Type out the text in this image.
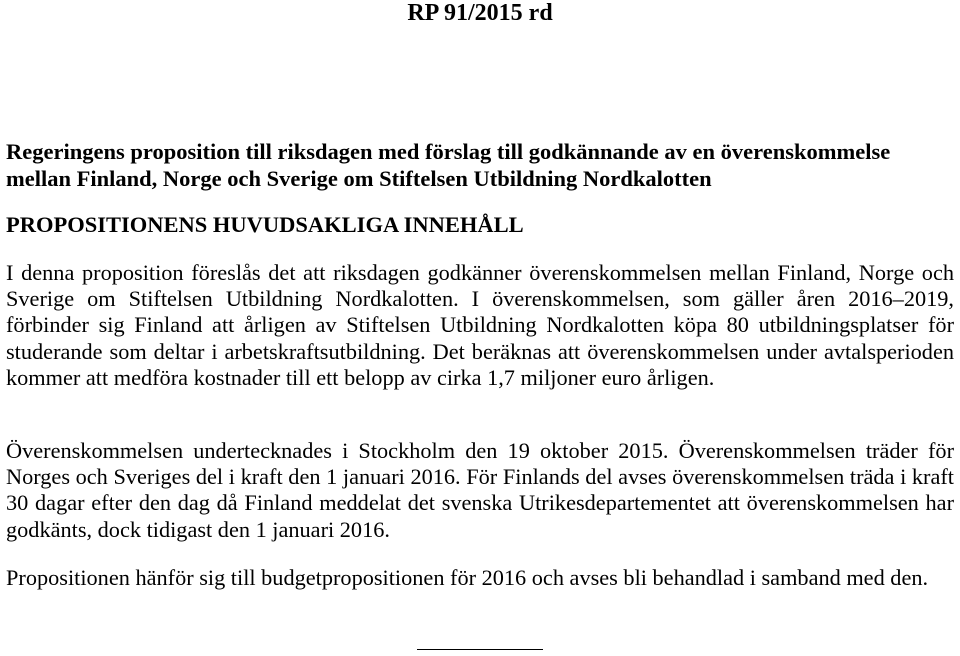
RP 91/2015 rd

Regeringens proposition till riksdagen med förslag till godkännande av en överenskommelse mellan Finland, Norge och Sverige om Stiftelsen Utbildning Nordkalotten

PROPOSITIONENS HUVUDSAKLIGA INNEHÅLL

I denna proposition föreslås det att riksdagen godkänner överenskommelsen mellan Finland, Norge och Sverige om Stiftelsen Utbildning Nordkalotten. I överenskommelsen, som gäller åren 2016–2019, förbinder sig Finland att årligen av Stiftelsen Utbildning Nordkalotten köpa 80 utbildningsplatser för studerande som deltar i arbetskraftsutbildning. Det beräknas att överenskommelsen under avtalsperioden kommer att medföra kostnader till ett belopp av cirka 1,7 miljoner euro årligen.

Överenskommelsen undertecknades i Stockholm den 19 oktober 2015. Överenskommelsen träder för Norges och Sveriges del i kraft den 1 januari 2016. För Finlands del avses överenskommelsen träda i kraft 30 dagar efter den dag då Finland meddelat det svenska Utrikesdepartementet att överenskommelsen har godkänts, dock tidigast den 1 januari 2016.

Propositionen hänför sig till budgetpropositionen för 2016 och avses bli behandlad i samband med den.
